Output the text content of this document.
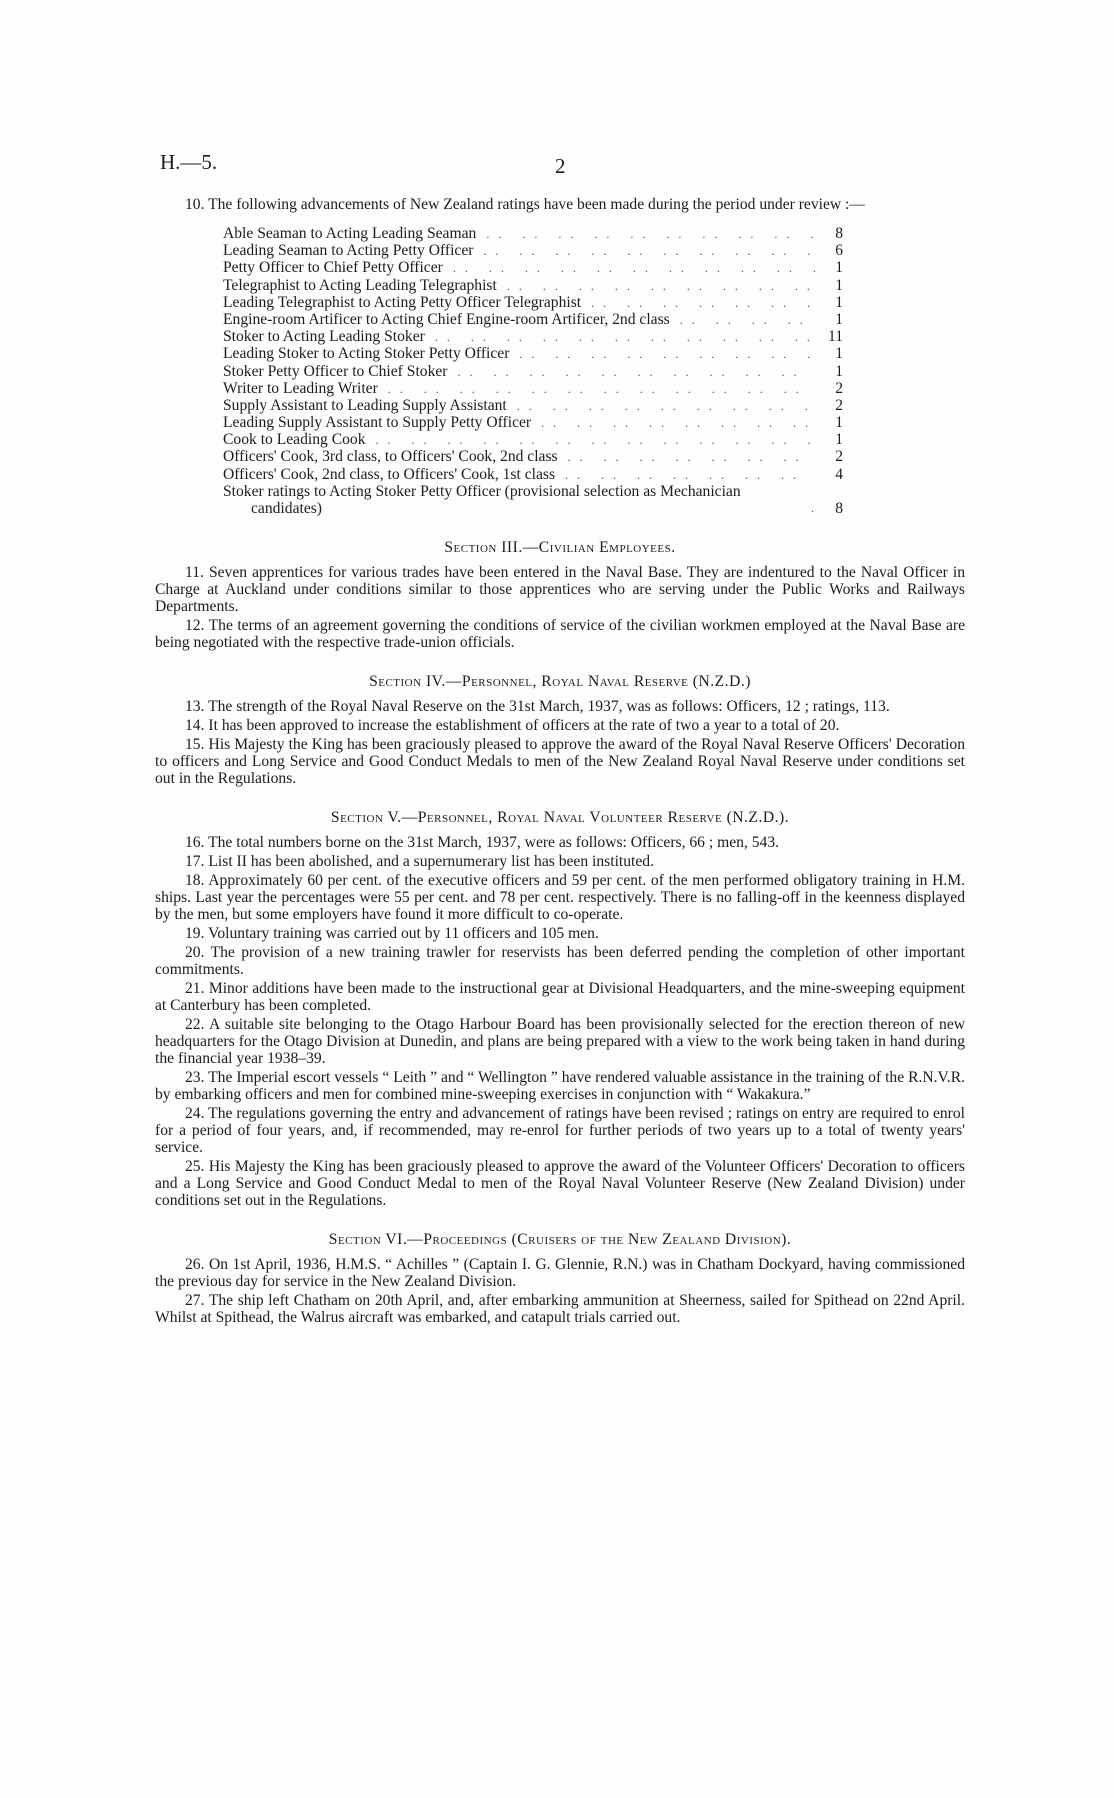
H.—5.	2

10. The following advancements of New Zealand ratings have been made during the period under review :—

Able Seaman to Acting Leading Seaman .. .	8
Leading Seaman to Acting Petty Officer .. .	6
Petty Officer to Chief Petty Officer .. .	1
Telegraphist to Acting Leading Telegraphist .. .	1
Leading Telegraphist to Acting Petty Officer Telegraphist .. .	1
Engine-room Artificer to Acting Chief Engine-room Artificer, 2nd class .. .	1
Stoker to Acting Leading Stoker .. .	11
Leading Stoker to Acting Stoker Petty Officer .. .	1
Stoker Petty Officer to Chief Stoker .. .	1
Writer to Leading Writer .. .	2
Supply Assistant to Leading Supply Assistant .. .	2
Leading Supply Assistant to Supply Petty Officer .. .	1
Cook to Leading Cook .. .	1
Officers' Cook, 3rd class, to Officers' Cook, 2nd class .. .	2
Officers' Cook, 2nd class, to Officers' Cook, 1st class .. .	4
Stoker ratings to Acting Stoker Petty Officer (provisional selection as Mechanician candidates) .. .	8
Section III.—Civilian Employees.

11. Seven apprentices for various trades have been entered in the Naval Base. They are indentured to the Naval Officer in Charge at Auckland under conditions similar to those apprentices who are serving under the Public Works and Railways Departments.

12. The terms of an agreement governing the conditions of service of the civilian workmen employed at the Naval Base are being negotiated with the respective trade-union officials.

Section IV.—Personnel, Royal Naval Reserve (N.Z.D.)

13. The strength of the Royal Naval Reserve on the 31st March, 1937, was as follows: Officers, 12 ; ratings, 113.

14. It has been approved to increase the establishment of officers at the rate of two a year to a total of 20.

15. His Majesty the King has been graciously pleased to approve the award of the Royal Naval Reserve Officers' Decoration to officers and Long Service and Good Conduct Medals to men of the New Zealand Royal Naval Reserve under conditions set out in the Regulations.

Section V.—Personnel, Royal Naval Volunteer Reserve (N.Z.D.).

16. The total numbers borne on the 31st March, 1937, were as follows: Officers, 66 ; men, 543.

17. List II has been abolished, and a supernumerary list has been instituted.

18. Approximately 60 per cent. of the executive officers and 59 per cent. of the men performed obligatory training in H.M. ships. Last year the percentages were 55 per cent. and 78 per cent. respectively. There is no falling-off in the keenness displayed by the men, but some employers have found it more difficult to co-operate.

19. Voluntary training was carried out by 11 officers and 105 men.

20. The provision of a new training trawler for reservists has been deferred pending the completion of other important commitments.

21. Minor additions have been made to the instructional gear at Divisional Headquarters, and the mine-sweeping equipment at Canterbury has been completed.

22. A suitable site belonging to the Otago Harbour Board has been provisionally selected for the erection thereon of new headquarters for the Otago Division at Dunedin, and plans are being prepared with a view to the work being taken in hand during the financial year 1938–39.

23. The Imperial escort vessels “ Leith ” and “ Wellington ” have rendered valuable assistance in the training of the R.N.V.R. by embarking officers and men for combined mine-sweeping exercises in conjunction with “ Wakakura.”

24. The regulations governing the entry and advancement of ratings have been revised ; ratings on entry are required to enrol for a period of four years, and, if recommended, may re-enrol for further periods of two years up to a total of twenty years' service.

25. His Majesty the King has been graciously pleased to approve the award of the Volunteer Officers' Decoration to officers and a Long Service and Good Conduct Medal to men of the Royal Naval Volunteer Reserve (New Zealand Division) under conditions set out in the Regulations.

Section VI.—Proceedings (Cruisers of the New Zealand Division).

26. On 1st April, 1936, H.M.S. “ Achilles ” (Captain I. G. Glennie, R.N.) was in Chatham Dockyard, having commissioned the previous day for service in the New Zealand Division.

27. The ship left Chatham on 20th April, and, after embarking ammunition at Sheerness, sailed for Spithead on 22nd April. Whilst at Spithead, the Walrus aircraft was embarked, and catapult trials carried out.
